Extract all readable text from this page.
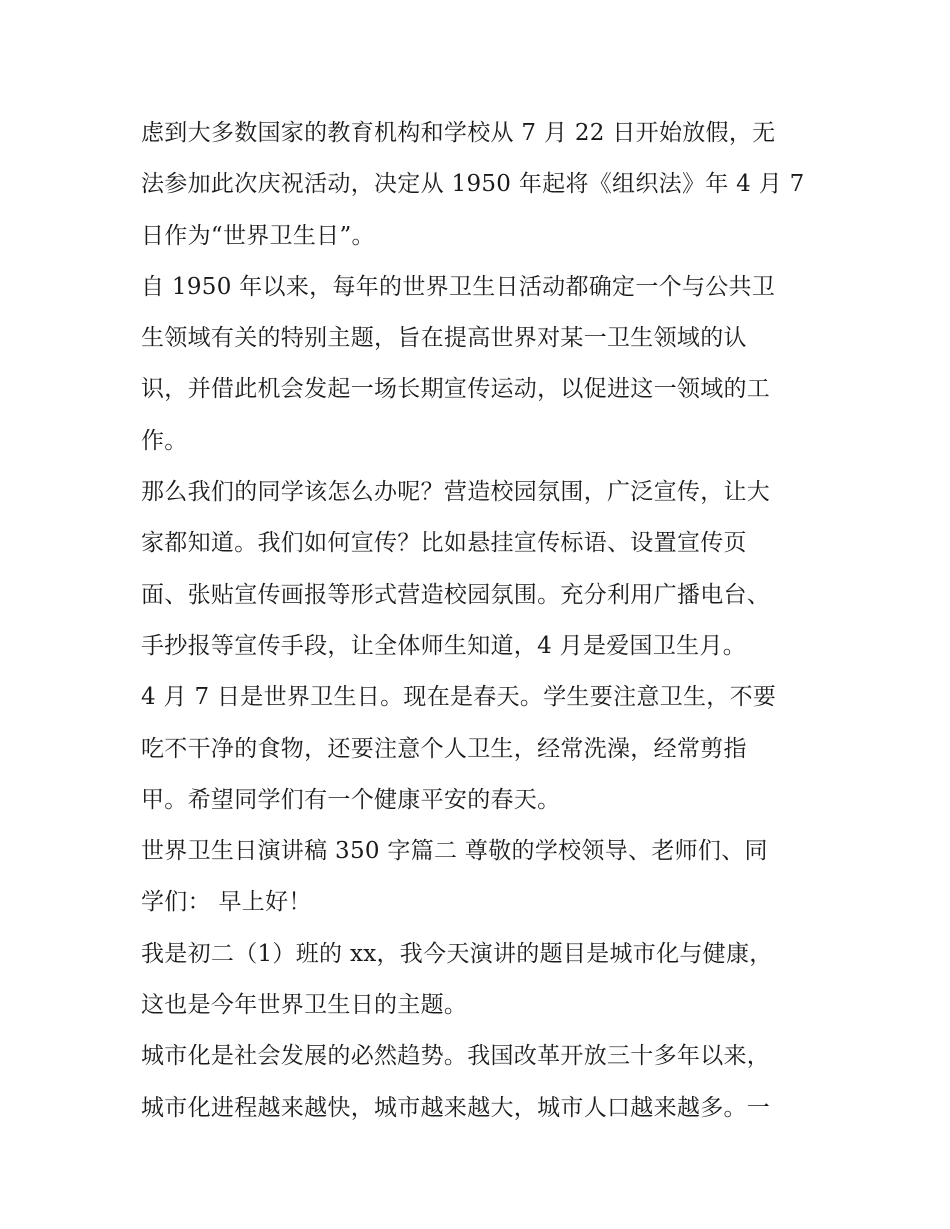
虑到大多数国家的教育机构和学校从 7 月 22 日开始放假，无
法参加此次庆祝活动，决定从 1950 年起将《组织法》年 4 月 7
日作为“世界卫生日”。
自 1950 年以来，每年的世界卫生日活动都确定一个与公共卫
生领域有关的特别主题，旨在提高世界对某一卫生领域的认
识，并借此机会发起一场长期宣传运动，以促进这一领域的工
作。
那么我们的同学该怎么办呢？营造校园氛围，广泛宣传，让大
家都知道。我们如何宣传？比如悬挂宣传标语、设置宣传页
面、张贴宣传画报等形式营造校园氛围。充分利用广播电台、
手抄报等宣传手段，让全体师生知道，4 月是爱国卫生月。
4 月 7 日是世界卫生日。现在是春天。学生要注意卫生，不要
吃不干净的食物，还要注意个人卫生，经常洗澡，经常剪指
甲。希望同学们有一个健康平安的春天。
世界卫生日演讲稿 350 字篇二 尊敬的学校领导、老师们、同
学们： 早上好！
我是初二（1）班的 xx，我今天演讲的题目是城市化与健康，
这也是今年世界卫生日的主题。
城市化是社会发展的必然趋势。我国改革开放三十多年以来，
城市化进程越来越快，城市越来越大，城市人口越来越多。一
